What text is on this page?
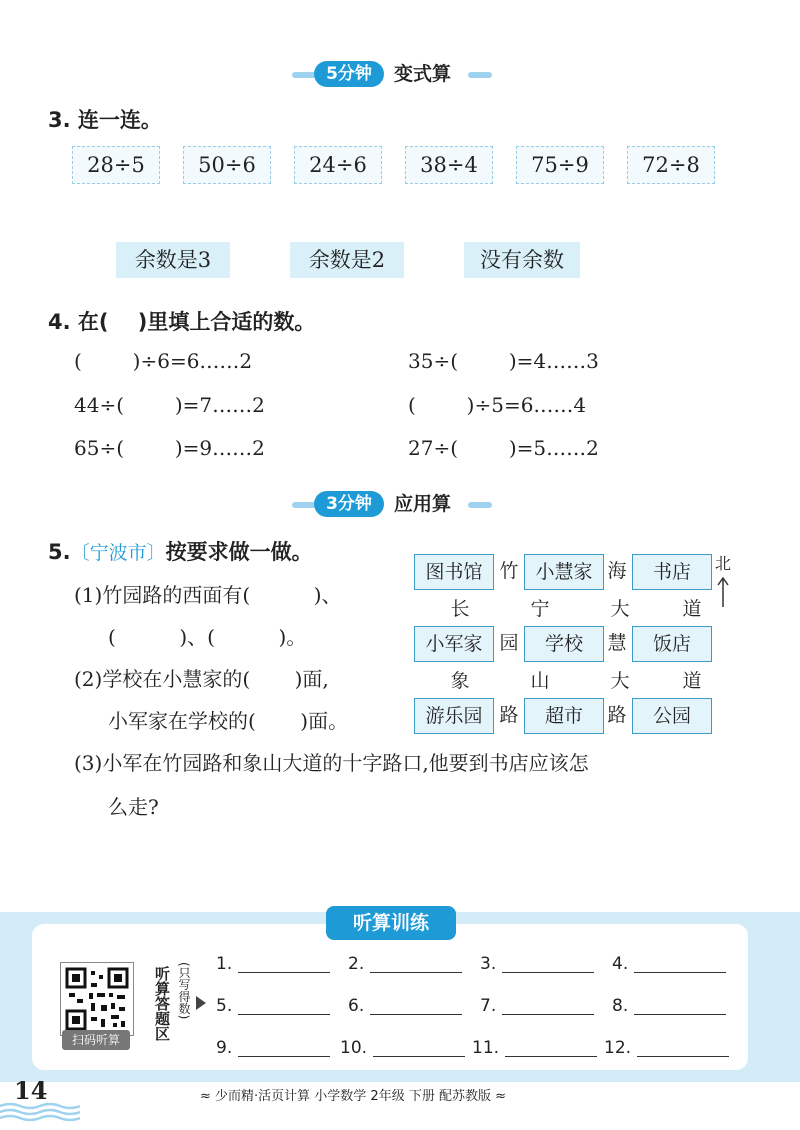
5分钟	变式算
3. 连一连。
28÷5	50÷6	24÷6	38÷4	75÷9	72÷8
余数是3	余数是2	没有余数
4. 在(    )里填上合适的数。
(        )÷6=6……2
44÷(        )=7……2
65÷(        )=9……2
35÷(        )=4……3
(        )÷5=6……4
27÷(        )=5……2
3分钟	应用算
5.〔宁波市〕按要求做一做。
(1)竹园路的西面有(          )、
(          )、(          )。
(2)学校在小慧家的(       )面,
小军家在学校的(       )面。
(3)小军在竹园路和象山大道的十字路口,他要到书店应该怎
么走?
图书馆 竹 小慧家 海	书店
长	宁	大	道
小军家 园	学校	慧	饭店
象	山	大	道
游乐园 路	超市	路	公园
北
听算训练
扫码听算	听算答题区 (只写得数) 1.	2.	3.	4.
5.	6.	7.	8.
9.	10.	11.	12.
14	≈ 少而精·活页计算 小学数学 2年级 下册 配苏教版 ≈
